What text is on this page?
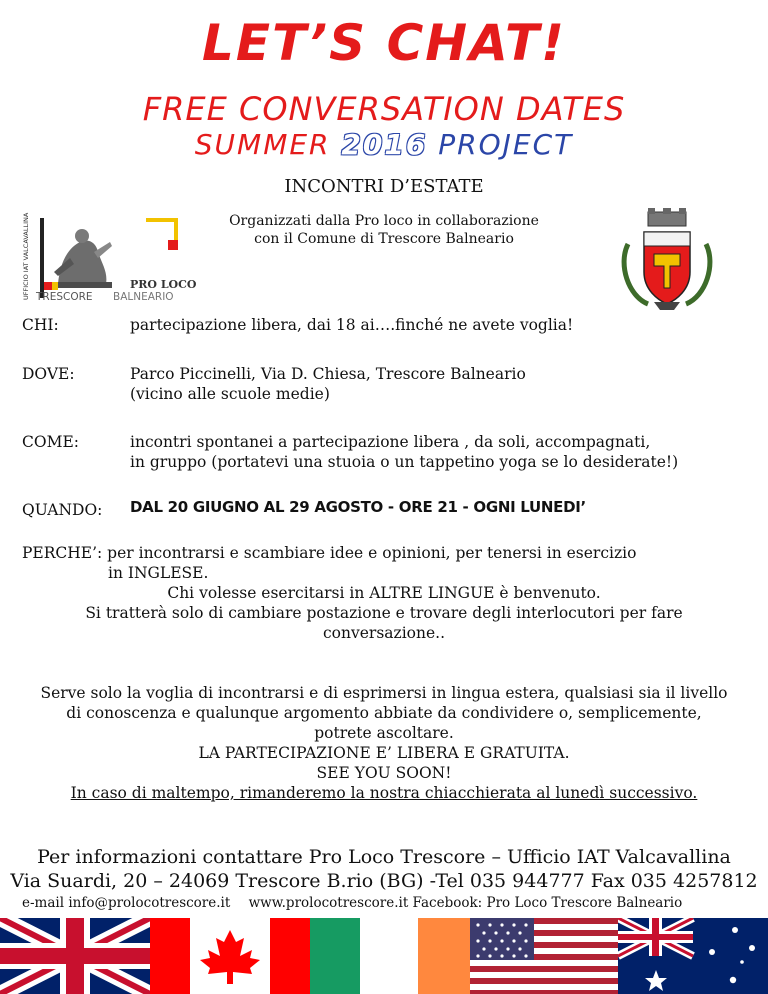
LET’S CHAT!
FREE CONVERSATION DATES
SUMMER 2016 PROJECT
INCONTRI D’ESTATE
Organizzati dalla Pro loco in collaborazione
con il Comune di Trescore Balneario
UFFICIO IAT VALCAVALLINA	PRO LOCO
TRESCORE BALNEARIO
CHI:	partecipazione libera, dai 18 ai….finché ne avete voglia!
DOVE:	Parco Piccinelli, Via D. Chiesa, Trescore Balneario
(vicino alle scuole medie)
COME:	incontri spontanei a partecipazione libera , da soli, accompagnati,
in gruppo (portatevi una stuoia o un tappetino yoga se lo desiderate!)
QUANDO: DAL 20 GIUGNO AL 29 AGOSTO - ORE 21 - OGNI LUNEDI’
PERCHE’: per incontrarsi e scambiare idee e opinioni, per tenersi in esercizio
in INGLESE.
Chi volesse esercitarsi in ALTRE LINGUE è benvenuto.
Si tratterà solo di cambiare postazione e trovare degli interlocutori per fare
conversazione..
Serve solo la voglia di incontrarsi e di esprimersi in lingua estera, qualsiasi sia il livello
di conoscenza e qualunque argomento abbiate da condividere o, semplicemente,
potrete ascoltare.
LA PARTECIPAZIONE E’ LIBERA E GRATUITA.
SEE YOU SOON!
In caso di maltempo, rimanderemo la nostra chiacchierata al lunedì successivo.
Per informazioni contattare Pro Loco Trescore – Ufficio IAT Valcavallina
Via Suardi, 20 – 24069 Trescore B.rio (BG) -Tel 035 944777 Fax 035 4257812
e-mail info@prolocotrescore.it www.prolocotrescore.it Facebook: Pro Loco Trescore Balneario
